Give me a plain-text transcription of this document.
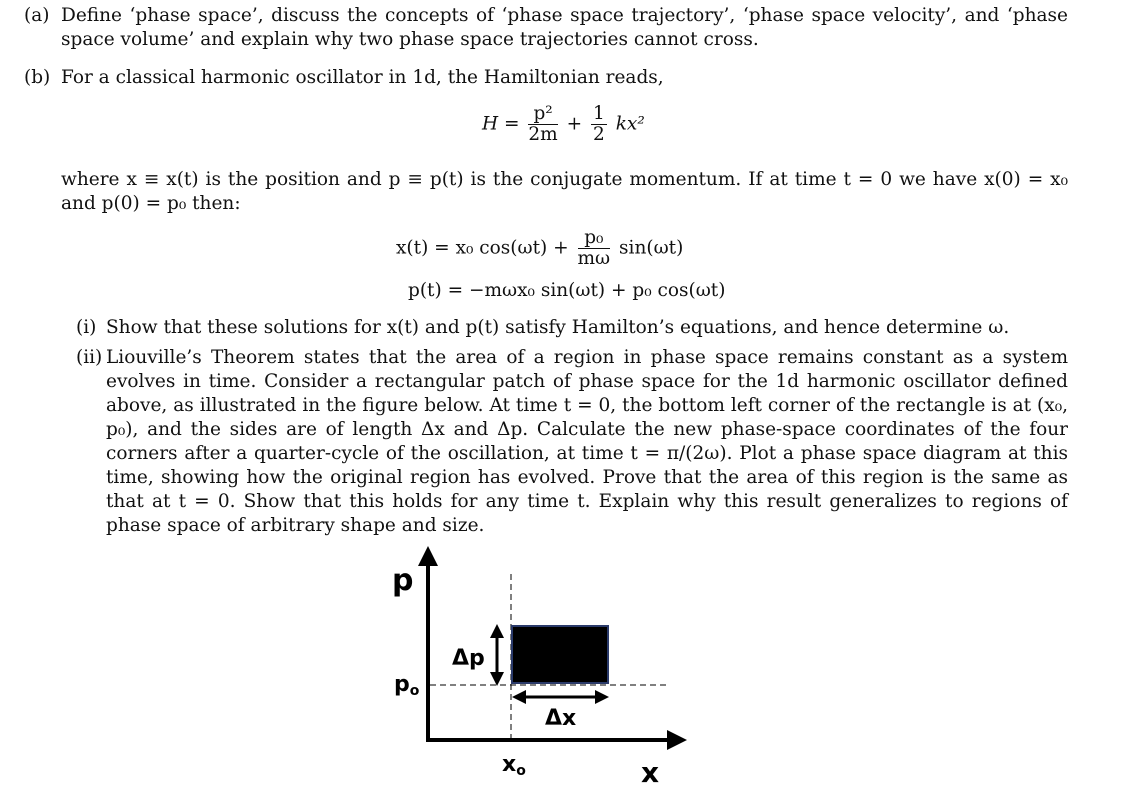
(a) Define ‘phase space’, discuss the concepts of ‘phase space trajectory’, ‘phase space velocity’, and ‘phase space volume’ and explain why two phase space trajectories cannot cross.
(b) For a classical harmonic oscillator in 1d, the Hamiltonian reads,
$H = \frac{\text{p²}}{2m} + \frac{1}{2} kx^2$
where x ≡ x(t) is the position and p ≡ p(t) is the conjugate momentum. If at time t = 0 we have x(0) = x₀ and p(0) = p₀ then:
x(t) = x₀ $\cos(\omega t) + \frac{\text{p₀}}{m\omega} \sin(\omega t)$
p(t) = −mωx₀ sin(ωt) + p₀ cos(ωt)
(i) Show that these solutions for x(t) and p(t) satisfy Hamilton’s equations, and hence determine ω.
(ii) Liouville’s Theorem states that the area of a region in phase space remains constant as a system evolves in time. Consider a rectangular patch of phase space for the 1d harmonic oscillator defined above, as illustrated in the figure below. At time t = 0, the bottom left corner of the rectangle is at (x₀, p₀), and the sides are of length Δx and Δp. Calculate the new phase-space coordinates of the four corners after a quarter-cycle of the oscillation, at time t = π/(2ω). Plot a phase space diagram at this time, showing how the original region has evolved. Prove that the area of this region is the same as that at t = 0. Show that this holds for any time t. Explain why this result generalizes to regions of phase space of arbitrary shape and size.
p
x
po
xo
Δp
Δx
